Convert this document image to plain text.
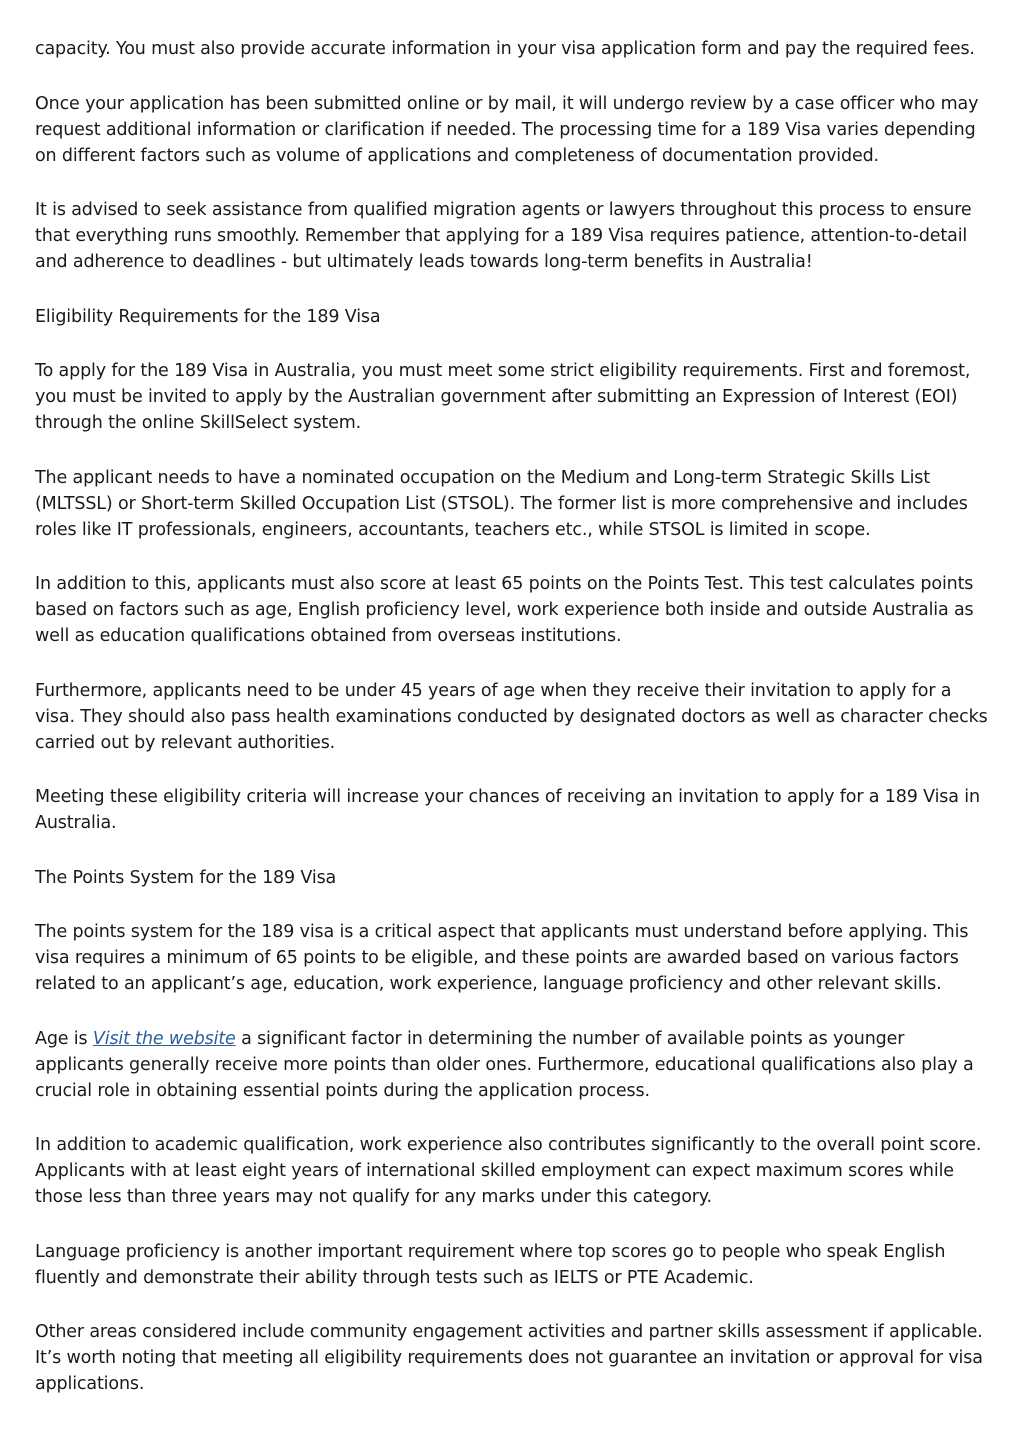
capacity. You must also provide accurate information in your visa application form and pay the required fees.

Once your application has been submitted online or by mail, it will undergo review by a case officer who may request additional information or clarification if needed. The processing time for a 189 Visa varies depending on different factors such as volume of applications and completeness of documentation provided.

It is advised to seek assistance from qualified migration agents or lawyers throughout this process to ensure that everything runs smoothly. Remember that applying for a 189 Visa requires patience, attention-to-detail and adherence to deadlines - but ultimately leads towards long-term benefits in Australia!

Eligibility Requirements for the 189 Visa

To apply for the 189 Visa in Australia, you must meet some strict eligibility requirements. First and foremost, you must be invited to apply by the Australian government after submitting an Expression of Interest (EOI) through the online SkillSelect system.

The applicant needs to have a nominated occupation on the Medium and Long-term Strategic Skills List (MLTSSL) or Short-term Skilled Occupation List (STSOL). The former list is more comprehensive and includes roles like IT professionals, engineers, accountants, teachers etc., while STSOL is limited in scope.

In addition to this, applicants must also score at least 65 points on the Points Test. This test calculates points based on factors such as age, English proficiency level, work experience both inside and outside Australia as well as education qualifications obtained from overseas institutions.

Furthermore, applicants need to be under 45 years of age when they receive their invitation to apply for a visa. They should also pass health examinations conducted by designated doctors as well as character checks carried out by relevant authorities.

Meeting these eligibility criteria will increase your chances of receiving an invitation to apply for a 189 Visa in Australia.

The Points System for the 189 Visa

The points system for the 189 visa is a critical aspect that applicants must understand before applying. This visa requires a minimum of 65 points to be eligible, and these points are awarded based on various factors related to an applicant’s age, education, work experience, language proficiency and other relevant skills.

Age is Visit the website a significant factor in determining the number of available points as younger applicants generally receive more points than older ones. Furthermore, educational qualifications also play a crucial role in obtaining essential points during the application process.

In addition to academic qualification, work experience also contributes significantly to the overall point score. Applicants with at least eight years of international skilled employment can expect maximum scores while those less than three years may not qualify for any marks under this category.

Language proficiency is another important requirement where top scores go to people who speak English fluently and demonstrate their ability through tests such as IELTS or PTE Academic.

Other areas considered include community engagement activities and partner skills assessment if applicable. It’s worth noting that meeting all eligibility requirements does not guarantee an invitation or approval for visa applications.
